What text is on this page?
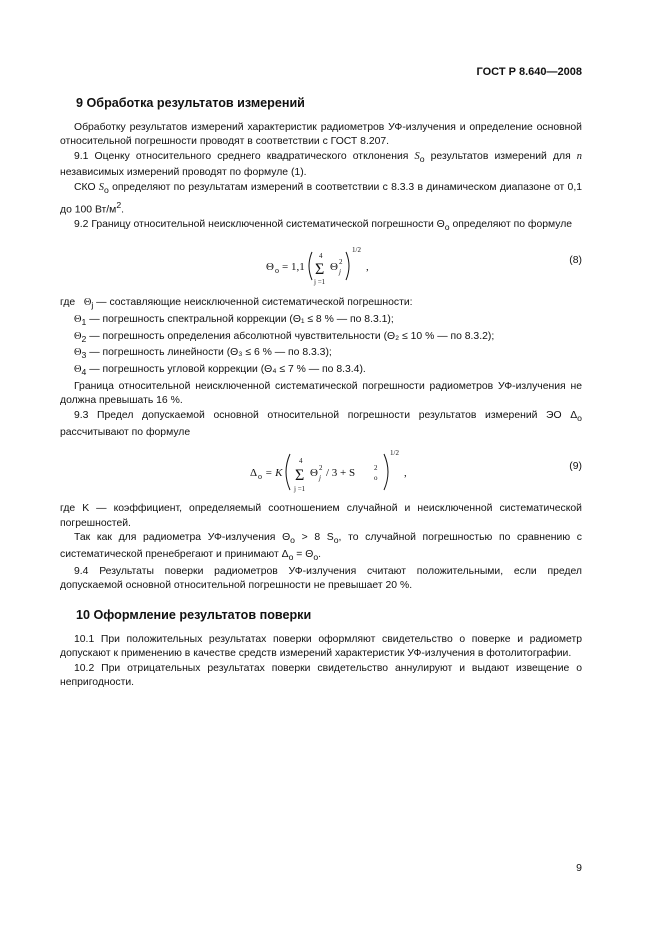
ГОСТ Р 8.640—2008
9 Обработка результатов измерений

Обработку результатов измерений характеристик радиометров УФ-излучения и определение основной относительной погрешности проводят в соответствии с ГОСТ 8.207.

9.1 Оценку относительного среднего квадратического отклонения $S_о$ результатов измерений для n независимых измерений проводят по формуле (1).

СКО $S_о$ определяют по результатам измерений в соответствии с 8.3.3 в динамическом диапазоне от 0,1 до 100 $Вт/м^2$.

9.2 Границу относительной неисключенной систематической погрешности $\Theta_о$ определяют по формуле

Θ о = 1,1
4
Σ
j =1
Θ 2
j
1/2
,
(8)
где $\Theta_j$ — составляющие неисключенной систематической погрешности:
$\Theta_1$ — погрешность спектральной коррекции (Θ₁ ≤ 8 % — по 8.3.1);
$\Theta_2$ — погрешность определения абсолютной чувствительности (Θ₂ ≤ 10 % — по 8.3.2);
$\Theta_3$ — погрешность линейности (Θ₃ ≤ 6 % — по 8.3.3);
$\Theta_4$ — погрешность угловой коррекции (Θ₄ ≤ 7 % — по 8.3.4).

Граница относительной неисключенной систематической погрешности радиометров УФ-излучения не должна превышать 16 %.

9.3 Предел допускаемой основной относительной погрешности результатов измерений ЭО $\Delta_о$ рассчитывают по формуле

Δ о = K
4
Σ
j =1
Θ 2
j / 3 + S	2
о
1/2
,
(9)

где K — коэффициент, определяемый соотношением случайной и неисключенной систематической погрешностей.

Так как для радиометра УФ-излучения $\Theta_о > 8$ $S_о$, то случайной погрешностью по сравнению с систематической пренебрегают и принимают $\Delta_о = \Theta_о$.

9.4 Результаты поверки радиометров УФ-излучения считают положительными, если предел допускаемой основной относительной погрешности не превышает 20 %.

10 Оформление результатов поверки

10.1 При положительных результатах поверки оформляют свидетельство о поверке и радиометр допускают к применению в качестве средств измерений характеристик УФ-излучения в фотолитографии.

10.2 При отрицательных результатах поверки свидетельство аннулируют и выдают извещение о непригодности.

9
